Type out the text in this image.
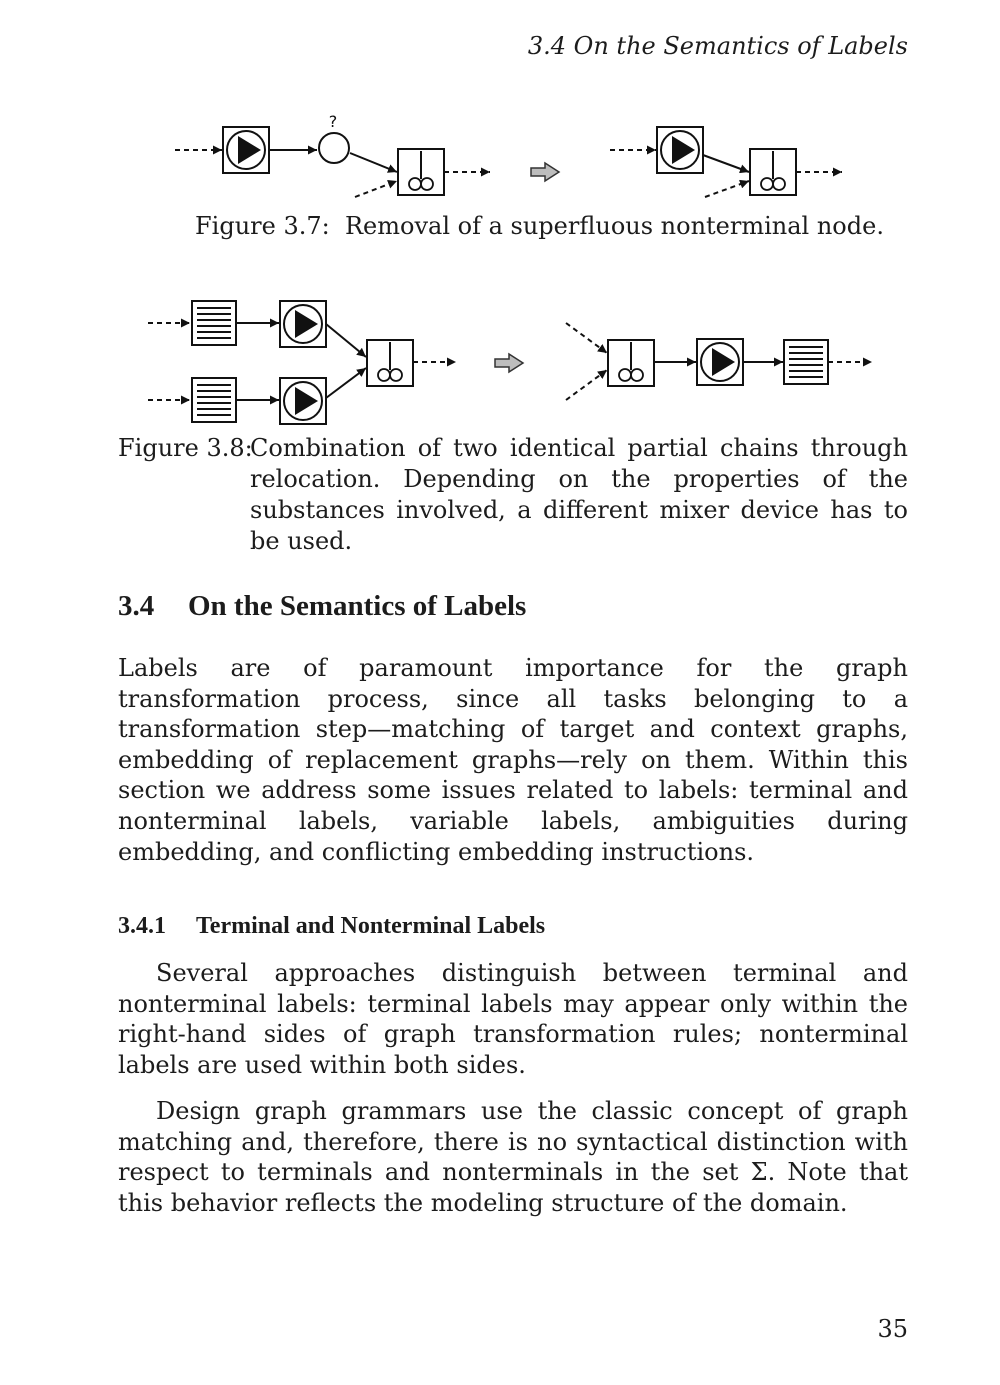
3.4 On the Semantics of Labels
?
Figure 3.7: Removal of a superfluous nonterminal node.
Figure 3.8:
Combination of two identical partial chains through relocation. Depending on the properties of the substances involved, a different mixer device has to be used.
3.4 On the Semantics of Labels
Labels are of paramount importance for the graph transformation process, since all tasks belonging to a transformation step—matching of target and context graphs, embedding of replacement graphs—rely on them. Within this section we address some issues related to labels: terminal and nonterminal labels, variable labels, ambiguities during embedding, and conflicting embedding instructions.
3.4.1 Terminal and Nonterminal Labels
Several approaches distinguish between terminal and nonterminal labels: terminal labels may appear only within the right-hand sides of graph transformation rules; nonterminal labels are used within both sides.
Design graph grammars use the classic concept of graph matching and, therefore, there is no syntactical distinction with respect to terminals and nonterminals in the set Σ. Note that this behavior reflects the modeling structure of the domain.
35
